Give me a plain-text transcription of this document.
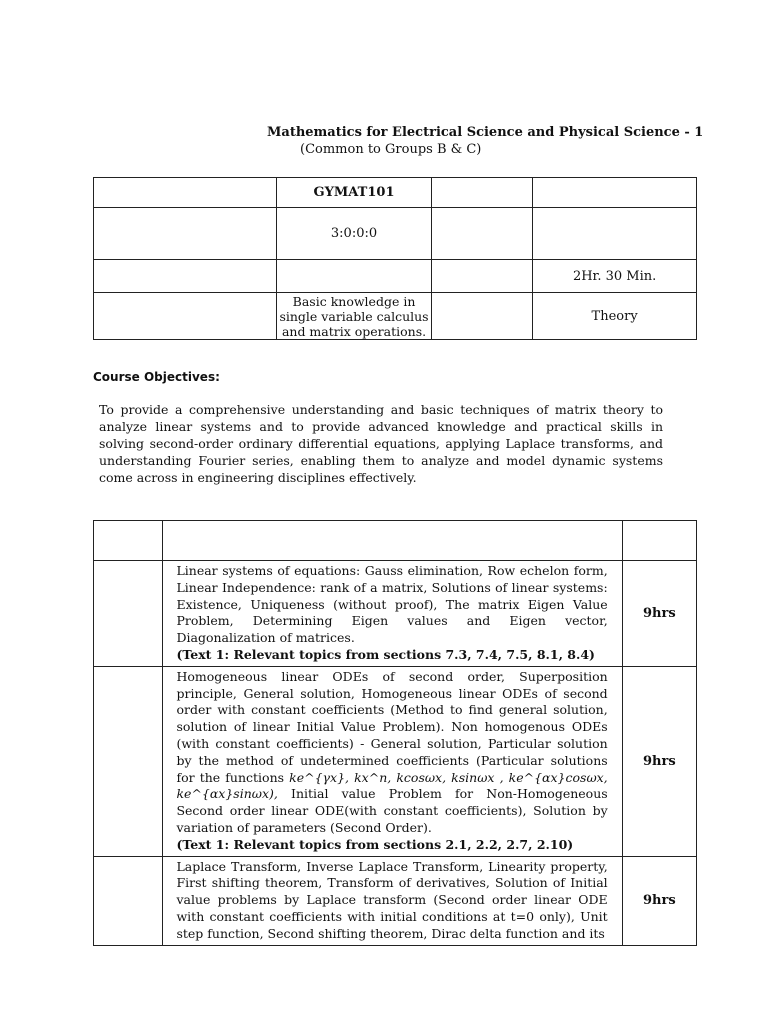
Mathematics for Electrical Science and Physical Science - 1
(Common to Groups B & C)
	GYMAT101		
	3:0:0:0		
			2Hr. 30 Min.
	Basic knowledge in single variable calculus and matrix operations.		Theory
Course Objectives:

To provide a comprehensive understanding and basic techniques of matrix theory to analyze linear systems and to provide advanced knowledge and practical skills in solving second-order ordinary differential equations, applying Laplace transforms, and understanding Fourier series, enabling them to analyze and model dynamic systems come across in engineering disciplines effectively.

	Linear systems of equations: Gauss elimination, Row echelon form, Linear Independence: rank of a matrix, Solutions of linear systems: Existence, Uniqueness (without proof), The matrix Eigen Value Problem, Determining Eigen values and Eigen vector, Diagonalization of matrices.
(Text 1: Relevant topics from sections 7.3, 7.4, 7.5, 8.1, 8.4)	9hrs
	Homogeneous linear ODEs of second order, Superposition principle, General solution, Homogeneous linear ODEs of second order with constant coefficients (Method to find general solution, solution of linear Initial Value Problem). Non homogenous ODEs (with constant coefficients) - General solution, Particular solution by the method of undetermined coefficients (Particular solutions for the functions ke^{γx}, kx^n, kcosωx, ksinωx , ke^{αx}cosωx, ke^{αx}sinωx), Initial value Problem for Non-Homogeneous Second order linear ODE(with constant coefficients), Solution by variation of parameters (Second Order).
(Text 1: Relevant topics from sections 2.1, 2.2, 2.7, 2.10)	9hrs
	Laplace Transform, Inverse Laplace Transform, Linearity property, First shifting theorem, Transform of derivatives, Solution of Initial value problems by Laplace transform (Second order linear ODE with constant coefficients with initial conditions at t=0 only), Unit step function, Second shifting theorem, Dirac delta function and its	9hrs
